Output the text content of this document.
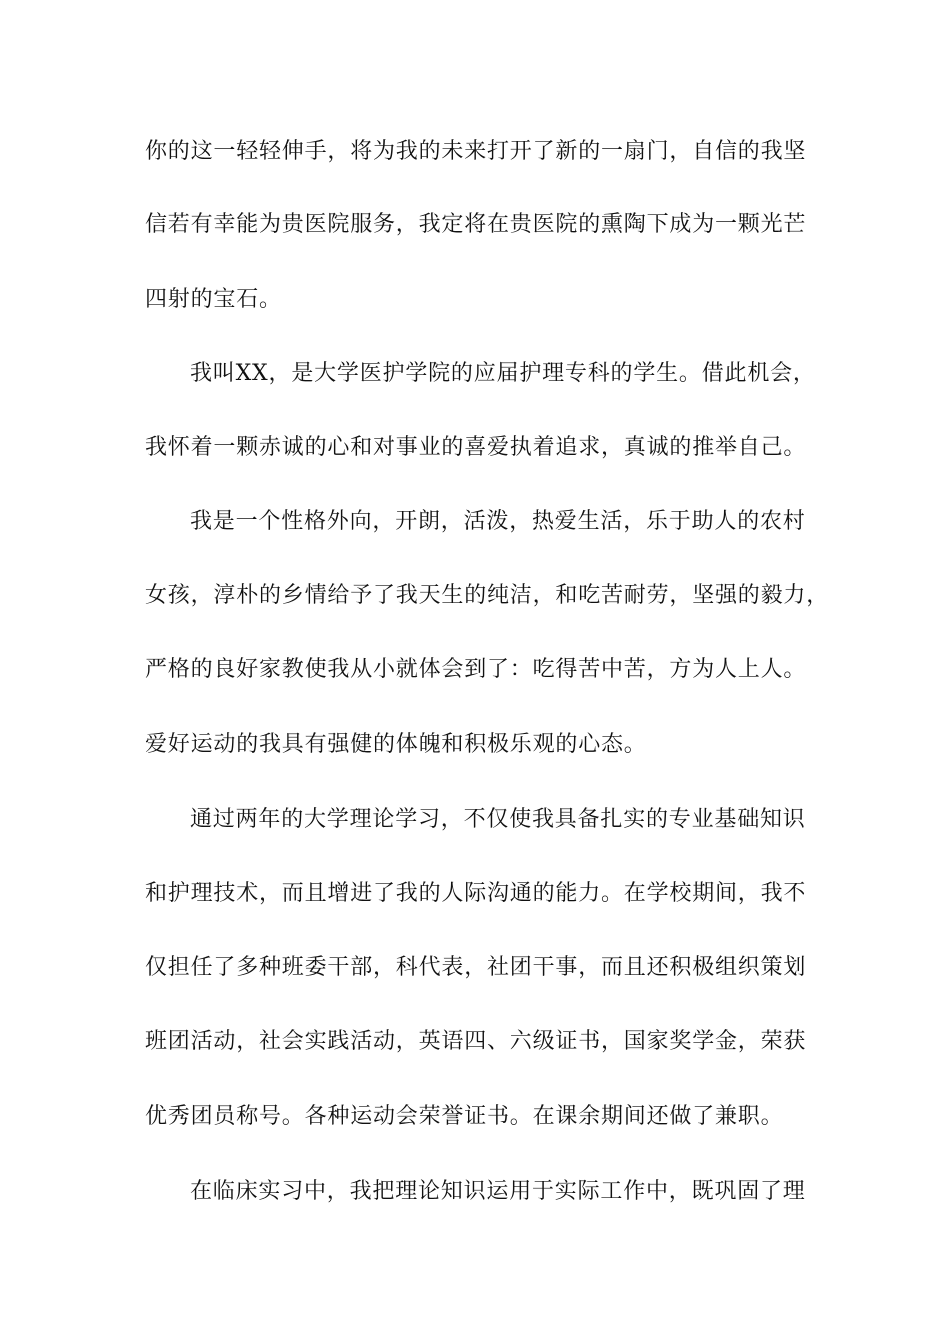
你的这一轻轻伸手，将为我的未来打开了新的一扇门，自信的我坚
信若有幸能为贵医院服务，我定将在贵医院的熏陶下成为一颗光芒
四射的宝石。
我叫XX，是大学医护学院的应届护理专科的学生。借此机会，
我怀着一颗赤诚的心和对事业的喜爱执着追求，真诚的推举自己。
我是一个性格外向，开朗，活泼，热爱生活，乐于助人的农村
女孩，淳朴的乡情给予了我天生的纯洁，和吃苦耐劳，坚强的毅力，
严格的良好家教使我从小就体会到了：吃得苦中苦，方为人上人。
爱好运动的我具有强健的体魄和积极乐观的心态。
通过两年的大学理论学习，不仅使我具备扎实的专业基础知识
和护理技术，而且增进了我的人际沟通的能力。在学校期间，我不
仅担任了多种班委干部，科代表，社团干事，而且还积极组织策划
班团活动，社会实践活动，英语四、六级证书，国家奖学金，荣获
优秀团员称号。各种运动会荣誉证书。在课余期间还做了兼职。
在临床实习中，我把理论知识运用于实际工作中，既巩固了理
